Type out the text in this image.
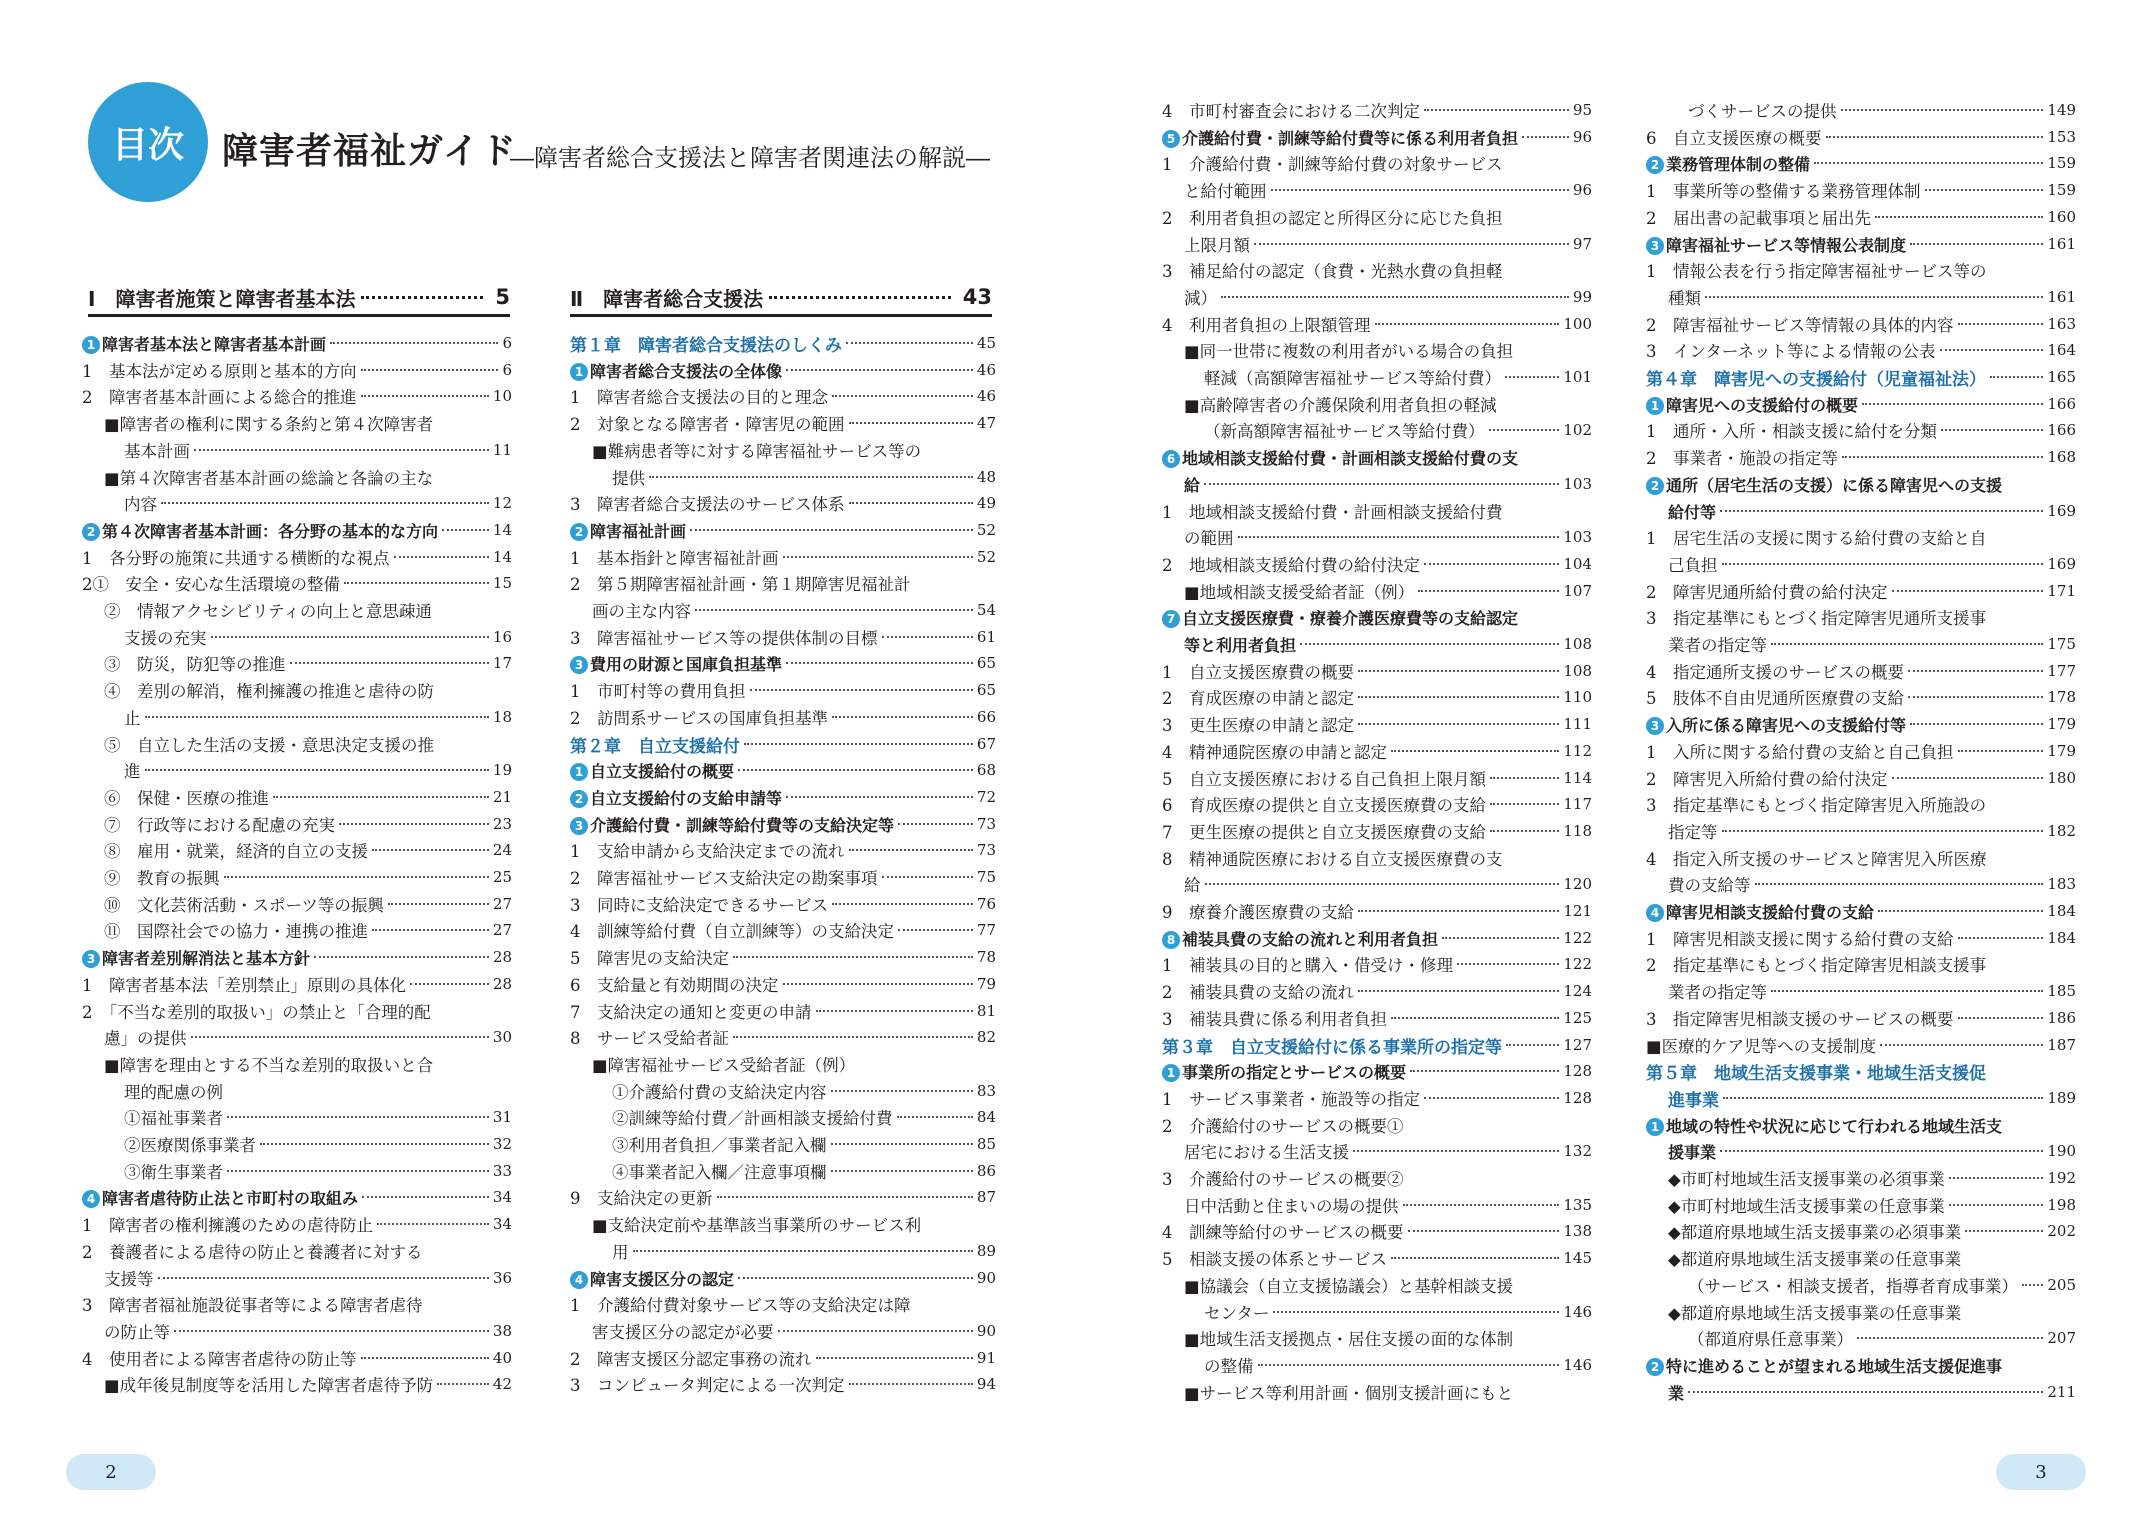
目次	障害者福祉ガイド
―障害者総合支援法と障害者関連法の解説―
Ⅰ　障害者施策と障害者基本法	5	Ⅱ　障害者総合支援法	43
1 障害者基本法と障害者基本計画	6
1　基本法が定める原則と基本的方向	6
2　障害者基本計画による総合的推進	10
■障害者の権利に関する条約と第４次障害者
基本計画	11
■第４次障害者基本計画の総論と各論の主な
内容	12
2 第４次障害者基本計画：各分野の基本的な方向	14
1　各分野の施策に共通する横断的な視点	14
2①　安全・安心な生活環境の整備	15
②　情報アクセシビリティの向上と意思疎通
支援の充実	16
③　防災，防犯等の推進	17
④　差別の解消，権利擁護の推進と虐待の防
止	18
⑤　自立した生活の支援・意思決定支援の推
進	19
⑥　保健・医療の推進	21
⑦　行政等における配慮の充実	23
⑧　雇用・就業，経済的自立の支援	24
⑨　教育の振興	25
⑩　文化芸術活動・スポーツ等の振興	27
⑪　国際社会での協力・連携の推進	27
3 障害者差別解消法と基本方針	28
1　障害者基本法「差別禁止」原則の具体化	28
2　「不当な差別的取扱い」の禁止と「合理的配
慮」の提供	30
■障害を理由とする不当な差別的取扱いと合
理的配慮の例
①福祉事業者	31
②医療関係事業者	32
③衛生事業者	33
4 障害者虐待防止法と市町村の取組み	34
1　障害者の権利擁護のための虐待防止	34
2　養護者による虐待の防止と養護者に対する
支援等	36
3　障害者福祉施設従事者等による障害者虐待
の防止等	38
4　使用者による障害者虐待の防止等	40
■成年後見制度等を活用した障害者虐待予防	42
第１章　障害者総合支援法のしくみ	45
1 障害者総合支援法の全体像	46
1　障害者総合支援法の目的と理念	46
2　対象となる障害者・障害児の範囲	47
■難病患者等に対する障害福祉サービス等の
提供	48
3　障害者総合支援法のサービス体系	49
2 障害福祉計画	52
1　基本指針と障害福祉計画	52
2　第５期障害福祉計画・第１期障害児福祉計
画の主な内容	54
3　障害福祉サービス等の提供体制の目標	61
3 費用の財源と国庫負担基準	65
1　市町村等の費用負担	65
2　訪問系サービスの国庫負担基準	66
第２章　自立支援給付	67
1 自立支援給付の概要	68
2 自立支援給付の支給申請等	72
3 介護給付費・訓練等給付費等の支給決定等	73
1　支給申請から支給決定までの流れ	73
2　障害福祉サービス支給決定の勘案事項	75
3　同時に支給決定できるサービス	76
4　訓練等給付費（自立訓練等）の支給決定	77
5　障害児の支給決定	78
6　支給量と有効期間の決定	79
7　支給決定の通知と変更の申請	81
8　サービス受給者証	82
■障害福祉サービス受給者証（例）
①介護給付費の支給決定内容	83
②訓練等給付費／計画相談支援給付費	84
③利用者負担／事業者記入欄	85
④事業者記入欄／注意事項欄	86
9　支給決定の更新	87
■支給決定前や基準該当事業所のサービス利
用	89
4 障害支援区分の認定	90
1　介護給付費対象サービス等の支給決定は障
害支援区分の認定が必要	90
2　障害支援区分認定事務の流れ	91
3　コンピュータ判定による一次判定	94
4　市町村審査会における二次判定	95
5 介護給付費・訓練等給付費等に係る利用者負担	96
1　介護給付費・訓練等給付費の対象サービス
と給付範囲	96
2　利用者負担の認定と所得区分に応じた負担
上限月額	97
3　補足給付の認定（食費・光熱水費の負担軽
減）	99
4　利用者負担の上限額管理	100
■同一世帯に複数の利用者がいる場合の負担
軽減（高額障害福祉サービス等給付費）	101
■高齢障害者の介護保険利用者負担の軽減
（新高額障害福祉サービス等給付費）	102
6 地域相談支援給付費・計画相談支援給付費の支
給	103
1　地域相談支援給付費・計画相談支援給付費
の範囲	103
2　地域相談支援給付費の給付決定	104
■地域相談支援受給者証（例）	107
7 自立支援医療費・療養介護医療費等の支給認定
等と利用者負担	108
1　自立支援医療費の概要	108
2　育成医療の申請と認定	110
3　更生医療の申請と認定	111
4　精神通院医療の申請と認定	112
5　自立支援医療における自己負担上限月額	114
6　育成医療の提供と自立支援医療費の支給	117
7　更生医療の提供と自立支援医療費の支給	118
8　精神通院医療における自立支援医療費の支
給	120
9　療養介護医療費の支給	121
8 補装具費の支給の流れと利用者負担	122
1　補装具の目的と購入・借受け・修理	122
2　補装具費の支給の流れ	124
3　補装具費に係る利用者負担	125
第３章　自立支援給付に係る事業所の指定等	127
1 事業所の指定とサービスの概要	128
1　サービス事業者・施設等の指定	128
2　介護給付のサービスの概要①
居宅における生活支援	132
3　介護給付のサービスの概要②
日中活動と住まいの場の提供	135
4　訓練等給付のサービスの概要	138
5　相談支援の体系とサービス	145
■協議会（自立支援協議会）と基幹相談支援
センター	146
■地域生活支援拠点・居住支援の面的な体制
の整備	146
■サービス等利用計画・個別支援計画にもと
づくサービスの提供	149
6　自立支援医療の概要	153
2 業務管理体制の整備	159
1　事業所等の整備する業務管理体制	159
2　届出書の記載事項と届出先	160
3 障害福祉サービス等情報公表制度	161
1　情報公表を行う指定障害福祉サービス等の
種類	161
2　障害福祉サービス等情報の具体的内容	163
3　インターネット等による情報の公表	164
第４章　障害児への支援給付（児童福祉法）	165
1 障害児への支援給付の概要	166
1　通所・入所・相談支援に給付を分類	166
2　事業者・施設の指定等	168
2 通所（居宅生活の支援）に係る障害児への支援
給付等	169
1　居宅生活の支援に関する給付費の支給と自
己負担	169
2　障害児通所給付費の給付決定	171
3　指定基準にもとづく指定障害児通所支援事
業者の指定等	175
4　指定通所支援のサービスの概要	177
5　肢体不自由児通所医療費の支給	178
3 入所に係る障害児への支援給付等	179
1　入所に関する給付費の支給と自己負担	179
2　障害児入所給付費の給付決定	180
3　指定基準にもとづく指定障害児入所施設の
指定等	182
4　指定入所支援のサービスと障害児入所医療
費の支給等	183
4 障害児相談支援給付費の支給	184
1　障害児相談支援に関する給付費の支給	184
2　指定基準にもとづく指定障害児相談支援事
業者の指定等	185
3　指定障害児相談支援のサービスの概要	186
■医療的ケア児等への支援制度	187
第５章　地域生活支援事業・地域生活支援促
進事業	189
1 地域の特性や状況に応じて行われる地域生活支
援事業	190
◆市町村地域生活支援事業の必須事業	192
◆市町村地域生活支援事業の任意事業	198
◆都道府県地域生活支援事業の必須事業	202
◆都道府県地域生活支援事業の任意事業
（サービス・相談支援者，指導者育成事業） 205
◆都道府県地域生活支援事業の任意事業
（都道府県任意事業）	207
2 特に進めることが望まれる地域生活支援促進事
業	211
2	3
